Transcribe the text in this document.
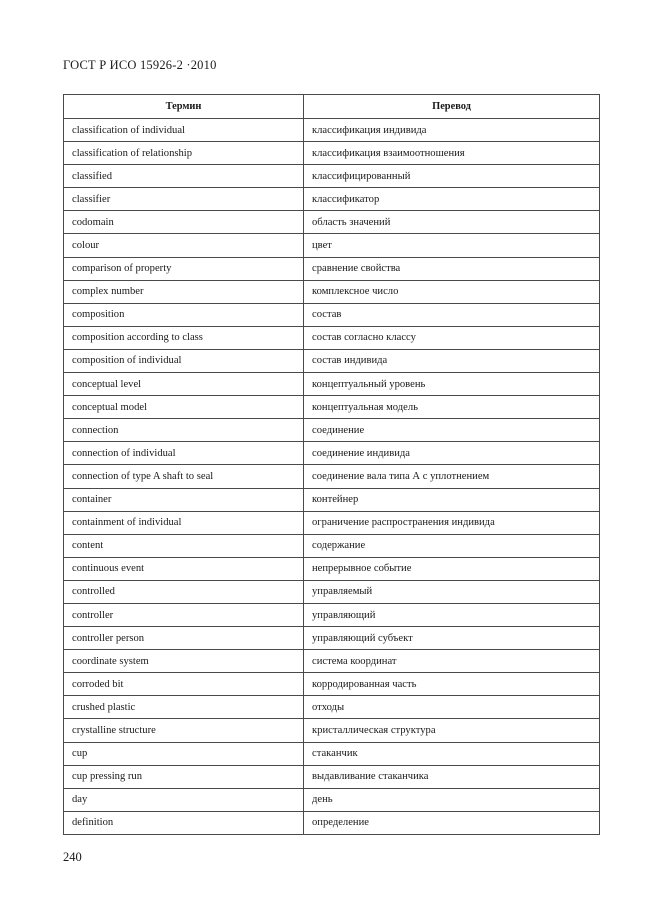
ГОСТ Р ИСО 15926-2 ·2010
Термин	Перевод
classification of individual	классификация индивида
classification of relationship	классификация взаимоотношения
classified	классифицированный
classifier	классификатор
codomain	область значений
colour	цвет
comparison of property	сравнение свойства
complex number	комплексное число
composition	состав
composition according to class	состав согласно классу
composition of individual	состав индивида
conceptual level	концептуальный уровень
conceptual model	концептуальная модель
connection	соединение
connection of individual	соединение индивида
connection of type A shaft to seal	соединение вала типа А с уплотнением
container	контейнер
containment of individual	ограничение распространения индивида
content	содержание
continuous event	непрерывное событие
controlled	управляемый
controller	управляющий
controller person	управляющий субъект
coordinate system	система координат
corroded bit	корродированная часть
crushed plastic	отходы
crystalline structure	кристаллическая структура
cup	стаканчик
cup pressing run	выдавливание стаканчика
day	день
definition	определение
240
